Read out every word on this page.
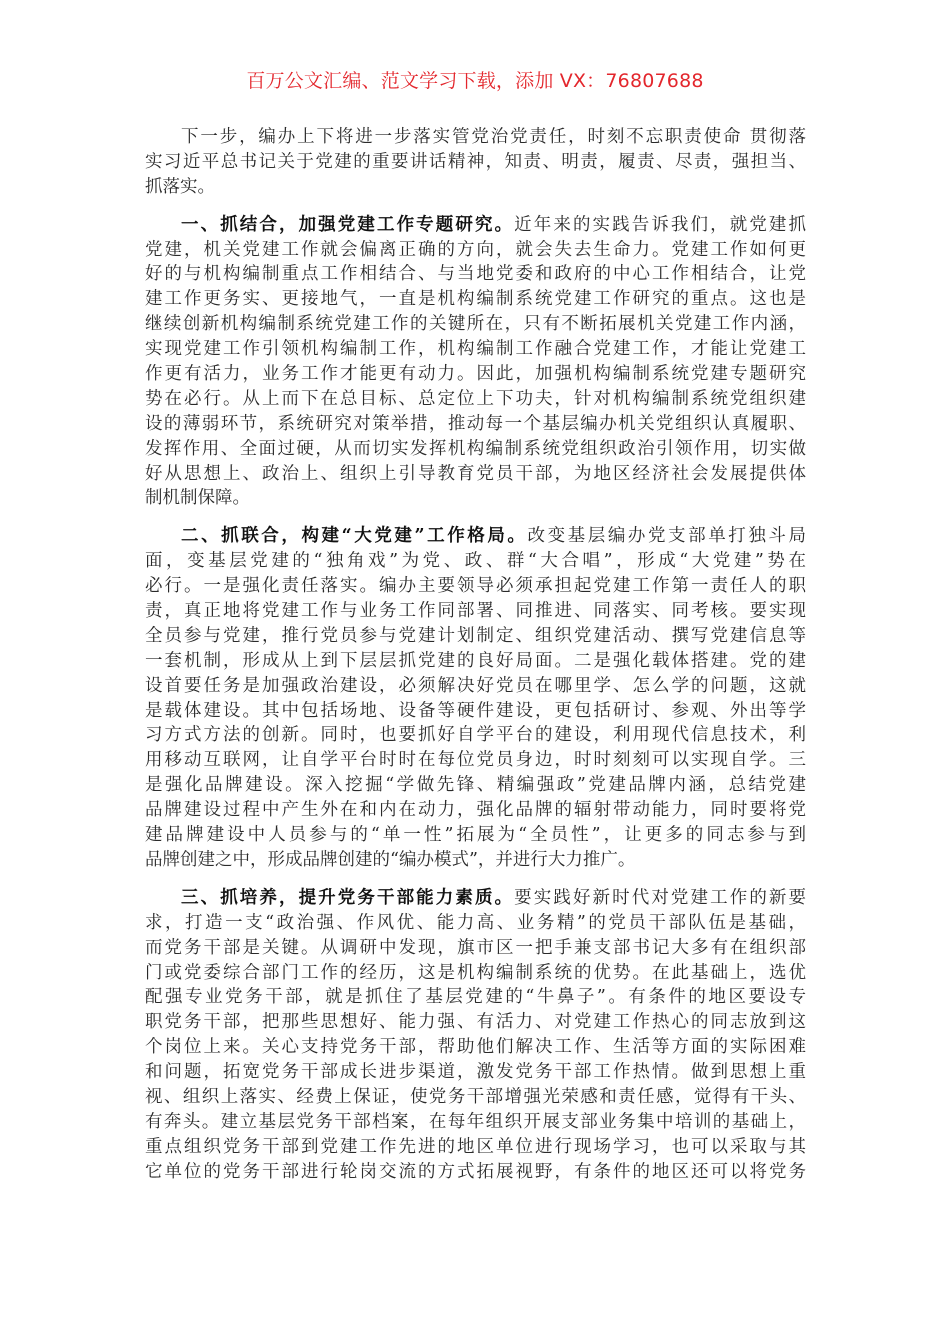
百万公文汇编、范文学习下载，添加 VX：76807688
下一步，编办上下将进一步落实管党治党责任，时刻不忘职责使命 贯彻落
实习近平总书记关于党建的重要讲话精神，知责、明责，履责、尽责，强担当、
抓落实。
一、抓结合，加强党建工作专题研究。近年来的实践告诉我们，就党建抓
党建，机关党建工作就会偏离正确的方向，就会失去生命力。党建工作如何更
好的与机构编制重点工作相结合、与当地党委和政府的中心工作相结合，让党
建工作更务实、更接地气，一直是机构编制系统党建工作研究的重点。这也是
继续创新机构编制系统党建工作的关键所在，只有不断拓展机关党建工作内涵，
实现党建工作引领机构编制工作，机构编制工作融合党建工作，才能让党建工
作更有活力，业务工作才能更有动力。因此，加强机构编制系统党建专题研究
势在必行。从上而下在总目标、总定位上下功夫，针对机构编制系统党组织建
设的薄弱环节，系统研究对策举措，推动每一个基层编办机关党组织认真履职、
发挥作用、全面过硬，从而切实发挥机构编制系统党组织政治引领作用，切实做
好从思想上、政治上、组织上引导教育党员干部，为地区经济社会发展提供体
制机制保障。
二、抓联合，构建“大党建”工作格局。改变基层编办党支部单打独斗局
面，变基层党建的“独角戏”为党、政、群“大合唱”，形成“大党建”势在
必行。一是强化责任落实。编办主要领导必须承担起党建工作第一责任人的职
责，真正地将党建工作与业务工作同部署、同推进、同落实、同考核。要实现
全员参与党建，推行党员参与党建计划制定、组织党建活动、撰写党建信息等
一套机制，形成从上到下层层抓党建的良好局面。二是强化载体搭建。党的建
设首要任务是加强政治建设，必须解决好党员在哪里学、怎么学的问题，这就
是载体建设。其中包括场地、设备等硬件建设，更包括研讨、参观、外出等学
习方式方法的创新。同时，也要抓好自学平台的建设，利用现代信息技术，利
用移动互联网，让自学平台时时在每位党员身边，时时刻刻可以实现自学。三
是强化品牌建设。深入挖掘“学做先锋、精编强政”党建品牌内涵，总结党建
品牌建设过程中产生外在和内在动力，强化品牌的辐射带动能力，同时要将党
建品牌建设中人员参与的“单一性”拓展为“全员性”，让更多的同志参与到
品牌创建之中，形成品牌创建的“编办模式”，并进行大力推广。
三、抓培养，提升党务干部能力素质。要实践好新时代对党建工作的新要
求，打造一支“政治强、作风优、能力高、业务精”的党员干部队伍是基础，
而党务干部是关键。从调研中发现，旗市区一把手兼支部书记大多有在组织部
门或党委综合部门工作的经历，这是机构编制系统的优势。在此基础上，选优
配强专业党务干部，就是抓住了基层党建的“牛鼻子”。有条件的地区要设专
职党务干部，把那些思想好、能力强、有活力、对党建工作热心的同志放到这
个岗位上来。关心支持党务干部，帮助他们解决工作、生活等方面的实际困难
和问题，拓宽党务干部成长进步渠道，激发党务干部工作热情。做到思想上重
视、组织上落实、经费上保证，使党务干部增强光荣感和责任感，觉得有干头、
有奔头。建立基层党务干部档案，在每年组织开展支部业务集中培训的基础上，
重点组织党务干部到党建工作先进的地区单位进行现场学习，也可以采取与其
它单位的党务干部进行轮岗交流的方式拓展视野，有条件的地区还可以将党务
